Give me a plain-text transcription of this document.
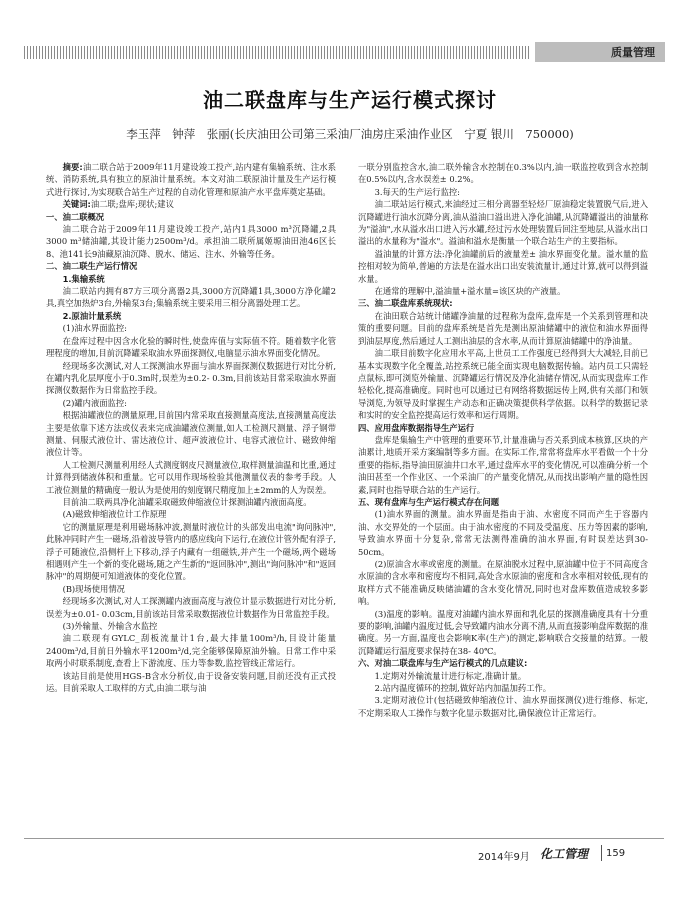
质量管理
油二联盘库与生产运行模式探讨
李玉萍　钟萍　张丽(长庆油田公司第三采油厂油房庄采油作业区　宁夏 银川　750000)

摘要:油二联合站于2009年11月建设竣工投产,站内建有集输系统、注水系统、消防系统,具有独立的原油计量系统。本文对油二联原油计量及生产运行模式进行探讨,为实现联合站生产过程的自动化管理和原油产水平盘库奠定基础。

关键词:油二联;盘库;现状;建议

一、油二联概况

油二联合站于2009年11月建设竣工投产,站内1具3000 m³沉降罐,2具3000 m³储油罐,其设计能力2500m³/d。承担油二联所属姬塬油田池46区长8、池141长9油藏原油沉降、脱水、储运、注水、外输等任务。

二、油二联生产运行情况

1.集输系统

油二联站内拥有87方三项分离器2具,3000方沉降罐1具,3000方净化罐2具,真空加热炉3台,外输泵3台;集输系统主要采用三相分离器处理工艺。

2.原油计量系统

(1)油水界面监控:

在盘库过程中因含水化验的瞬时性,使盘库值与实际值不符。随着数字化管理程度的增加,目前沉降罐采取油水界面探测仪,电脑显示油水界面变化情况。

经现场多次测试,对人工探测油水界面与油水界面探测仪数据进行对比分析,在罐内乳化层厚度小于0.3m时,误差为±0.2- 0.3m,目前该站目常采取油水界面探测仪数据作为日常监控手段。

(2)罐内液面监控:

根据油罐液位的测量原理,目前国内常采取直接测量高度法,直接测量高度法主要是依靠下述方法或仪表来完成油罐液位测量,如人工检测尺测量、浮子钢带测量、伺服式液位计、雷达液位计、超声波液位计、电容式液位计、磁致伸缩液位计等。

人工检测尺测量利用经人式测度钢皮尺测量液位,取样测量油温和比重,通过计算得到储液体积和重量。它可以用作现场检验其他测量仪表的参考手段。人工液位测量的精确度一般认为是使用的刻度钢尺精度加上±2mm的人为误差。

目前油二联两具净化油罐采取磁致伸缩液位计探测油罐内液面高度。

(A)磁致伸缩液位计工作原理

它的测量原理是利用磁场脉冲波,测量时液位计的头部发出电流"询问脉冲",此脉冲同时产生一磁场,沿着波导管内的感应线向下运行,在液位计管外配有浮子,浮子可随液位,沿侧杆上下移动,浮子内藏有一组磁铁,并产生一个磁场,两个磁场相遇则产生一个新的变化磁场,随之产生新的"返回脉冲",测出"询问脉冲"和"返回脉冲"的周期便可知道液体的变化位置。

(B)现场使用情况

经现场多次测试,对人工探测罐内液面高度与液位计显示数据进行对比分析,误差为±0.01- 0.03cm,目前该站目常采取数据液位计数据作为日常监控手段。

(3)外输量、外输含水监控

油二联现有GYLC_刮板流量计1台,最大排量100m³/h,目设计能量2400m³/d,目前日外输水平1200m³/d,完全能够保障原油外输。日常工作中采取两小时联系制度,查看上下游流度、压力等参数,监控管线正常运行。

该站目前是使用HGS-B含水分析仪,由于设备安装问题,目前还没有正式投运。目前采取人工取样的方式,由油二联与油

一联分别监控含水,油二联外输含水控制在0.3%以内,油一联监控收到含水控制在0.5%以内,含水误差± 0.2%。

3.每天的生产运行监控:

油二联站运行模式,来油经过三相分离器至轻烃厂原油稳定装置脱气后,进入沉降罐进行油水沉降分离,油从溢油口溢出进入净化油罐,从沉降罐溢出的油量称为"溢油",水从溢水出口进入污水罐,经过污水处理装置后回注至地层,从溢水出口溢出的水量称为"溢水"。溢油和溢水是衡量一个联合站生产的主要指标。

溢油量的计算方法:净化油罐前后的液量差± 油水界面变化量。溢水量的监控相对较为简单,普遍的方法是在溢水出口出安装流量计,通过计算,就可以得到溢水量。

在通常的理解中,溢油量+溢水量=该区块的产液量。

三、油二联盘库系统现状:

在油田联合站统计储罐净油量的过程称为盘库,盘库是一个关系到管理和决策的重要问题。目前的盘库系统是首先是测出原油储罐中的液位和油水界面得到油层厚度,然后通过人工测出油层的含水率,从而计算原油储罐中的净油量。

油二联目前数字化应用水平高,上世员工工作强度已经得到大大减轻,目前已基本实现数字化全覆盖,站控系统已能全面实现电脑数据传输。站内员工只需轻点鼠标,即可浏览外输量、沉降罐运行情况及净化油储存情况,从而实现盘库工作轻松化,提高准确度。同时也可以通过已有网络将数据远传上网,供有关部门和领导浏览,为领导及时掌握生产动态和正确决策提供科学依据。以科学的数据记录和实时的安全监控提高运行效率和运行周期。

四、应用盘库数据指导生产运行

盘库是集输生产中管理的重要环节,计量准确与否关系到成本核算,区块的产油累计,地质开采方案编制等多方面。在实际工作,常常将盘库水平看做一个十分重要的指标,指导油田原油井口水平,通过盘库水平的变化情况,可以准确分析一个油田甚至一个作业区、一个采油厂的产量变化情况,从而找出影响产量的隐性因素,同时也指导联合站的生产运行。

五、现有盘库与生产运行模式存在问题

(1)油水界面的测量。油水界面是指由于油、水密度不同而产生于容器内油、水交界处的一个层面。由于油水密度的不同及受温度、压力等因素的影响,导致油水界面十分复杂,常常无法测得准确的油水界面,有时误差达到30- 50cm。

(2)原油含水率或密度的测量。在原油脱水过程中,原油罐中位于不同高度含水原油的含水率和密度均不相同,高处含水原油的密度和含水率相对较低,现有的取样方式不能准确反映储油罐的含水变化情况,同时也对盘库数值造成较多影响。

(3)温度的影响。温度对油罐内油水界面和乳化层的探测准确度具有十分重要的影响,油罐内温度过低,会导致罐内油水分离不清,从而直接影响盘库数据的准确度。另一方面,温度也会影响K率(生产)的测定,影响联合交接量的结算。一般沉降罐运行温度要求保持在38- 40℃。

六、对油二联盘库与生产运行模式的几点建议:

1.定期对外输流量计进行标定,准确计量。

2.站内温度循环的控制,做好站内加温加药工作。

3.定期对液位计(包括磁致伸缩液位计、油水界面探测仪)进行维修、标定,不定期采取人工操作与数字化显示数据对比,确保液位计正常运行。

2014年9月 化工管理 159
